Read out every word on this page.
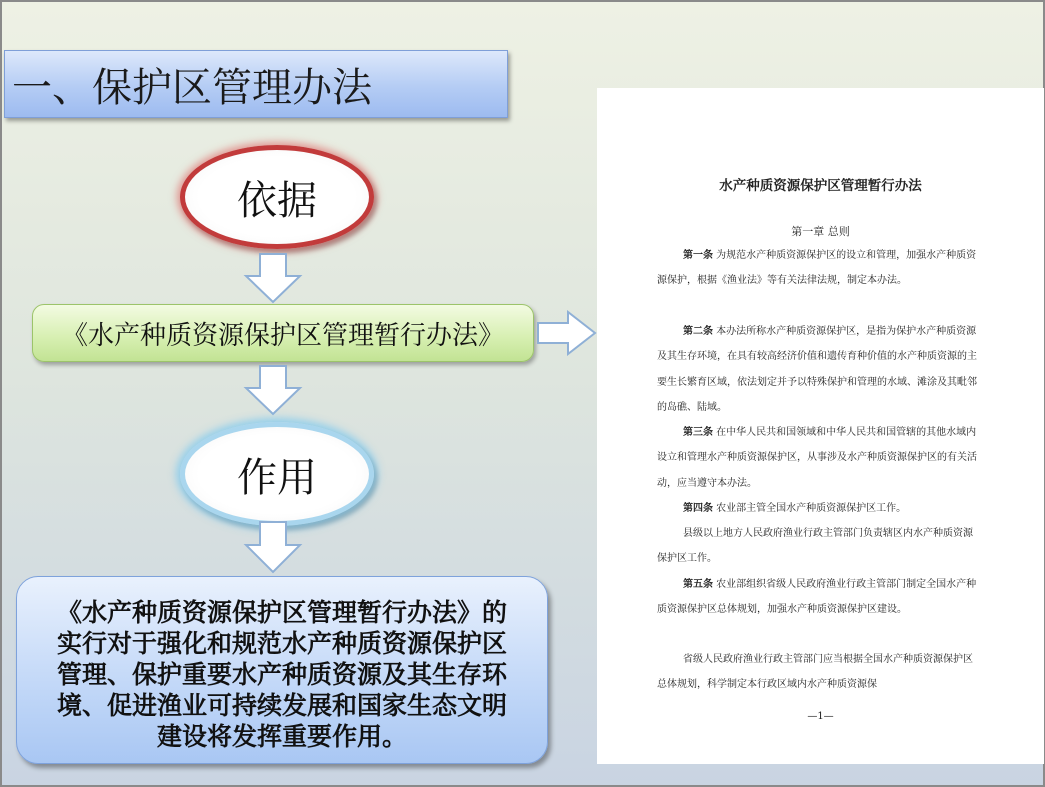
一、保护区管理办法
依据
《水产种质资源保护区管理暂行办法》
作用
《水产种质资源保护区管理暂行办法》的实行对于强化和规范水产种质资源保护区管理、保护重要水产种质资源及其生存环境、促进渔业可持续发展和国家生态文明建设将发挥重要作用。
水产种质资源保护区管理暂行办法
第一章 总则
第一条 为规范水产种质资源保护区的设立和管理，加强水产种质资源保护，根据《渔业法》等有关法律法规，制定本办法。
第二条 本办法所称水产种质资源保护区，是指为保护水产种质资源及其生存环境，在具有较高经济价值和遗传育种价值的水产种质资源的主要生长繁育区域，依法划定并予以特殊保护和管理的水域、滩涂及其毗邻的岛礁、陆域。
第三条 在中华人民共和国领域和中华人民共和国管辖的其他水域内设立和管理水产种质资源保护区，从事涉及水产种质资源保护区的有关活动，应当遵守本办法。
第四条 农业部主管全国水产种质资源保护区工作。
县级以上地方人民政府渔业行政主管部门负责辖区内水产种质资源保护区工作。
第五条 农业部组织省级人民政府渔业行政主管部门制定全国水产种质资源保护区总体规划，加强水产种质资源保护区建设。
省级人民政府渔业行政主管部门应当根据全国水产种质资源保护区总体规划，科学制定本行政区域内水产种质资源保
—1—
